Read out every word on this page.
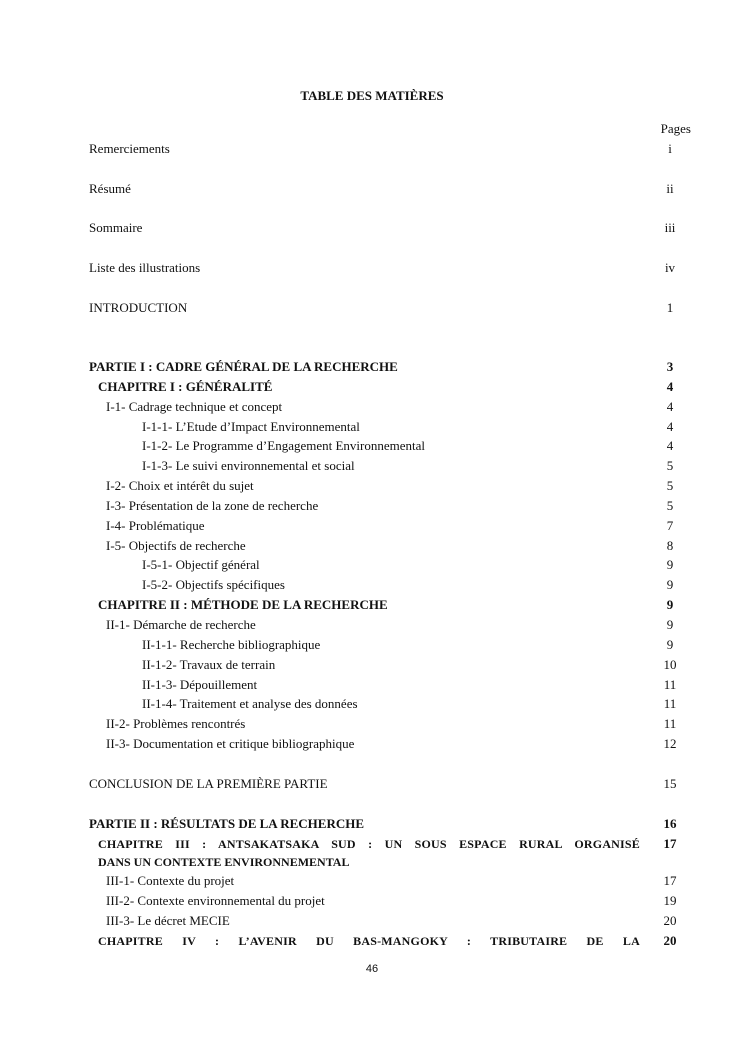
TABLE DES MATIÈRES
Pages
Remerciements	i
Résumé	ii
Sommaire	iii
Liste des illustrations	iv
INTRODUCTION	1
PARTIE I : CADRE GÉNÉRAL DE LA RECHERCHE	3
CHAPITRE I : GÉNÉRALITÉ	4
I-1- Cadrage technique et concept	4
I-1-1- L’Etude d’Impact Environnemental	4
I-1-2- Le Programme d’Engagement Environnemental	4
I-1-3- Le suivi environnemental et social	5
I-2- Choix et intérêt du sujet	5
I-3- Présentation de la zone de recherche	5
I-4- Problématique	7
I-5- Objectifs de recherche	8
I-5-1- Objectif général	9
I-5-2- Objectifs spécifiques	9
CHAPITRE II : MÉTHODE DE LA RECHERCHE	9
II-1- Démarche de recherche	9
II-1-1- Recherche bibliographique	9
II-1-2- Travaux de terrain	10
II-1-3- Dépouillement	11
II-1-4- Traitement et analyse des données	11
II-2- Problèmes rencontrés	11
II-3- Documentation et critique bibliographique	12
CONCLUSION DE LA PREMIÈRE PARTIE	15
PARTIE II : RÉSULTATS DE LA RECHERCHE	16
CHAPITRE III : ANTSAKATSAKA SUD : UN SOUS ESPACE RURAL ORGANISÉ	17
DANS UN CONTEXTE ENVIRONNEMENTAL
III-1- Contexte du projet	17
III-2- Contexte environnemental du projet	19
III-3- Le décret MECIE	20
CHAPITRE IV : L’AVENIR DU BAS-MANGOKY : TRIBUTAIRE DE LA	20
46
